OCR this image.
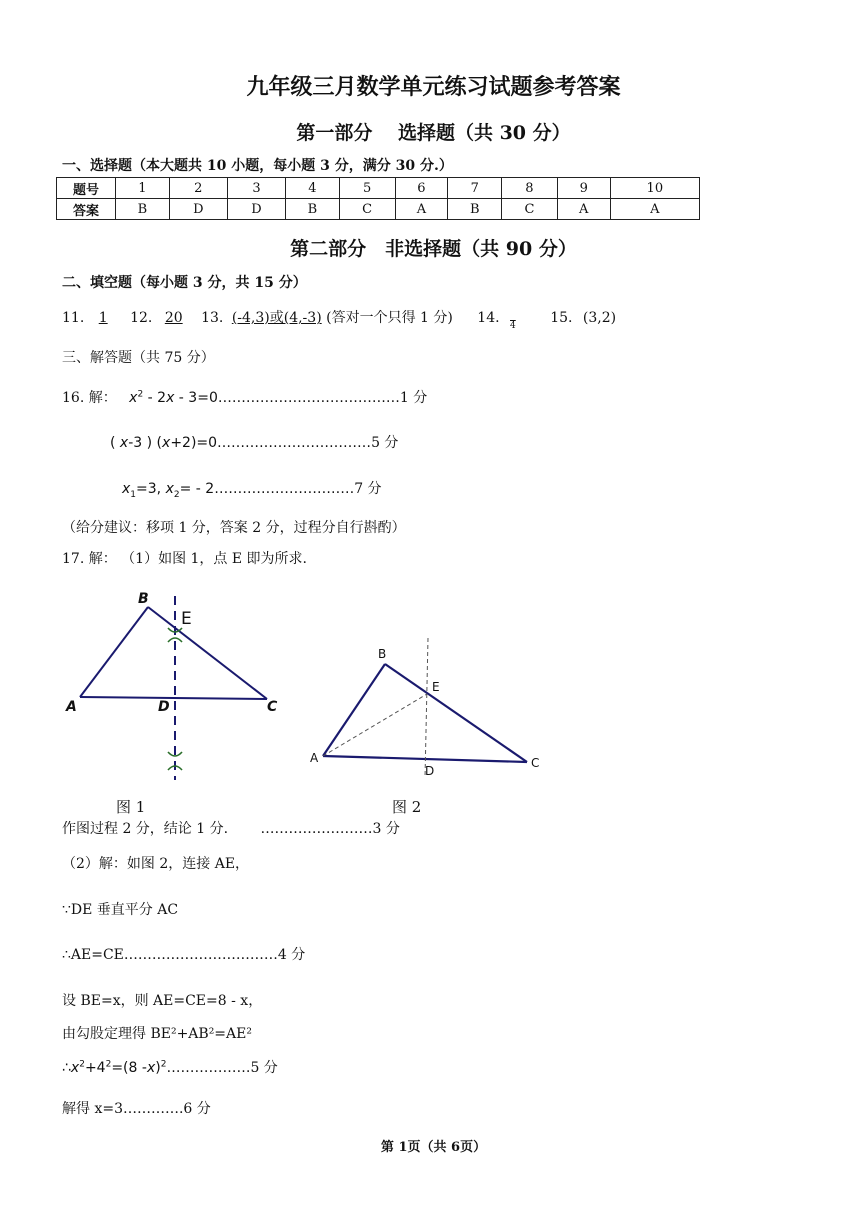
九年级三月数学单元练习试题参考答案
第一部分　 选择题（共 30 分）
一、选择题（本大题共 10 小题，每小题 3 分，满分 30 分.）
题号	1	2	3	4	5	6	7	8	9	10
答案	B	D	D	B	C	A	B	C	A	A
第二部分　非选择题（共 90 分）
二、填空题（每小题 3 分，共 15 分）
11. 1 12. 20 13. (-4,3)或(4,-3) (答对一个只得 1 分) 14. $_4$ 15. (3,2)
三、解答题（共 75 分）
16. 解： $x^2 - 2x$ - 3=0…………………………………1 分
( x-3 ) (x+2)=0……………………………5 分
$x_1=3$, $x_2=$ - 2…………………………7 分
（给分建议：移项 1 分，答案 2 分，过程分自行斟酌）
17. 解： （1）如图 1，点 E 即为所求.
B
A	D	C
E
B
E
A
D
C
图 1	图 2
作图过程 2 分，结论 1 分. ……………………3 分
（2）解：如图 2，连接 AE，
∵DE 垂直平分 AC
∴AE=CE……………………………4 分
设 BE=x，则 AE=CE=8 - x，
由勾股定理得 BE²+AB²=AE²
$\therefore x^2+4^2=(8$ -x)$^2$………………5 分
解得 x=3………….6 分
第 1页（共 6页）
